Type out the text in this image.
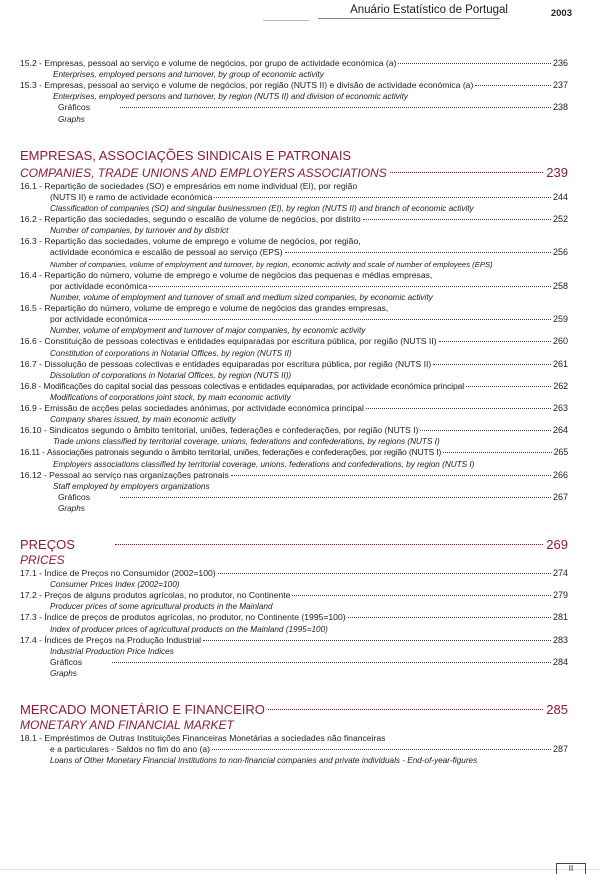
Anuário Estatístico de Portugal	2003
15.2 - Empresas, pessoal ao serviço e volume de negócios, por grupo de actividade económica (a)	236
Enterprises, employed persons and turnover, by group of economic activity
15.3 - Empresas, pessoal ao serviço e volume de negócios, por região (NUTS II) e divisão de actividade económica (a)	237
Enterprises, employed persons and turnover, by region (NUTS II) and division of economic activity
Gráficos	238
Graphs
EMPRESAS, ASSOCIAÇÕES SINDICAIS E PATRONAIS
COMPANIES, TRADE UNIONS AND EMPLOYERS ASSOCIATIONS	239
16.1 - Repartição de sociedades (SO) e empresários em nome individual (EI), por região
(NUTS II) e ramo de actividade económica	244
Classification of companies (SO) and singular businessmen (EI), by region (NUTS II) and branch of economic activity
16.2 - Repartição das sociedades, segundo o escalão de volume de negócios, por distrito	252
Number of companies, by turnover and by district
16.3 - Repartição das sociedades, volume de emprego e volume de negócios, por região,
actividade económica e escalão de pessoal ao serviço (EPS)	256
Number of companies, volume of employment and turnover, by region, economic activity and scale of number of employees (EPS)
16.4 - Repartição do número, volume de emprego e volume de negócios das pequenas e médias empresas,
por actividade económica	258
Number, volume of employment and turnover of small and medium sized companies, by economic activity
16.5 - Repartição do número, volume de emprego e volume de negócios das grandes empresas,
por actividade económica	259
Number, volume of employment and turnover of major companies, by economic activity
16.6 - Constituição de pessoas colectivas e entidades equiparadas por escritura pública, por região (NUTS II)	260
Constitution of corporations in Notarial Offices, by region (NUTS II)
16.7 - Dissolução de pessoas colectivas e entidades equiparadas por escritura pública, por região (NUTS II)	261
Dissolution of corporations in Notarial Offices, by region (NUTS II))
16.8 - Modificações do capital social das pessoas colectivas e entidades equiparadas, por actividade económica principal	262
Modifications of corporations joint stock, by main economic activity
16.9 - Emissão de acções pelas sociedades anónimas, por actividade económica principal	263
Company shares issued, by main economic activity
16.10 - Sindicatos segundo o âmbito territorial, uniões, federações e confederações, por região (NUTS I)	264
Trade unions classified by territorial coverage, unions, federations and confederations, by regions (NUTS I)
16.11 - Associações patronais segundo o âmbito territorial, uniões, federações e confederações, por região (NUTS I)	265
Employers associations classified by territorial coverage, unions, federations and confederations, by region (NUTS I)
16.12 - Pessoal ao serviço nas organizações patronais	266
Staff employed by employers organizations
Gráficos	267
Graphs
PREÇOS	269
PRICES
17.1 - Índice de Preços no Consumidor (2002=100)	274
Consumer Prices Index (2002=100)
17.2 - Preços de alguns produtos agrícolas, no produtor, no Continente	279
Producer prices of some agricultural products in the Mainland
17.3 - Índice de preços de produtos agrícolas, no produtor, no Continente (1995=100)	281
Index of producer prices of agricultural products on the Mainland (1995=100)
17.4 - Índices de Preços na Produção Industrial	283
Industrial Production Price Indices
Gráficos	284
Graphs
MERCADO MONETÁRIO E FINANCEIRO	285
MONETARY AND FINANCIAL MARKET
18.1 - Empréstimos de Outras Instituições Financeiras Monetárias a sociedades não financeiras
e a particulares - Saldos no fim do ano (a)	287
Loans of Other Monetary Financial Institutions to non-financial companies and private individuals - End-of-year-figures
II
